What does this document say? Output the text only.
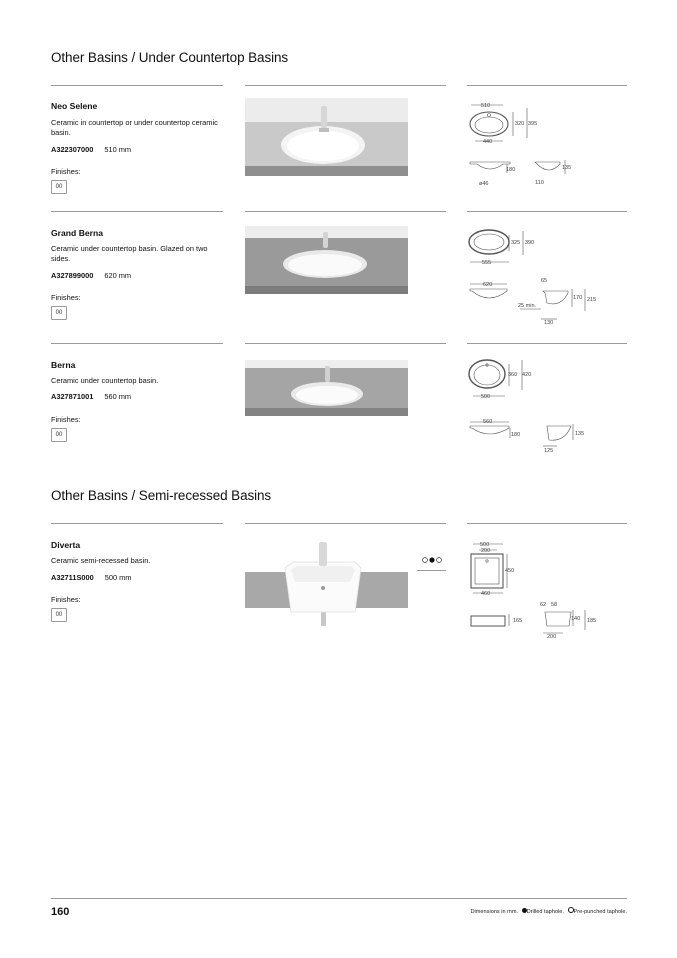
Other Basins / Under Countertop Basins
Neo Selene
Ceramic in countertop or under countertop ceramic basin.
A322307000 510 mm
Finishes:
00
510
320 395
440
180
ø46
135
110
Grand Berna
Ceramic under countertop basin. Glazed on two sides.
A327899000 620 mm
Finishes:
00
325 390
555
620
65
170 215
25 min.
130
Berna
Ceramic under countertop basin.
A327871001 560 mm
Finishes:
00
360 420
500
560
180	135
125
Other Basins / Semi-recessed Basins
Diverta
Ceramic semi-recessed basin.
A32711S000 500 mm
Finishes:
00
500
200
450
460
165
62 58
140 185
200
160	Dimensions in mm. Drilled taphole. Pre-punched taphole.
